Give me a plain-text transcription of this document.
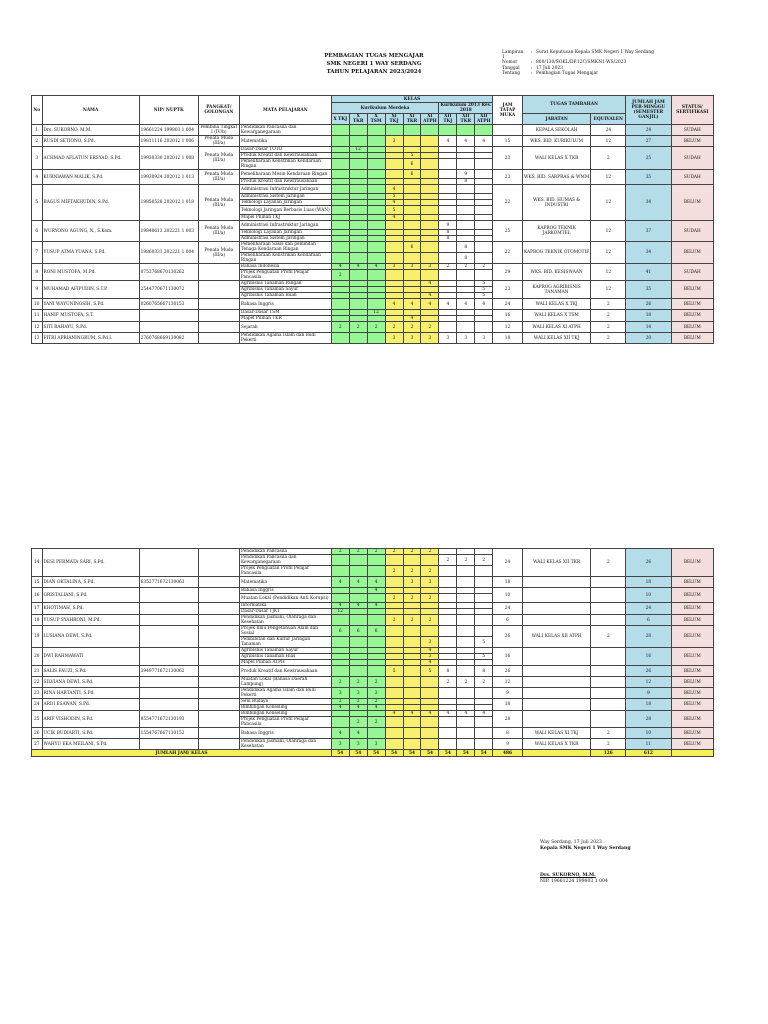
PEMBAGIAN TUGAS MENGAJAR
SMK NEGERI 1 WAY SERDANG
TAHUN PELAJARAN 2023/2024
Lampiran 1
: Surat Keputusan Kepala SMK Negeri 1 Way Serdang
Nomor	: 800/130/SOKL/DP.12C/SMKN1-WS/2023
Tanggal	: 17 Juli 2023
Tentang	: Pembagian Tugas Mengajar
No	NAMA	NIP/ NUPTK	PANGKAT/ GOLONGAN	MATA PELAJARAN	KELAS									JAM TATAP MUKA	TUGAS TAMBAHAN		JUMLAH JAM PER-MINGGU (SEMESTER GANJIL)	STATUS/ SERTIFIKASI
					Kurikulum Merdeka						Kurikulum 2013 Rev. 2018							
					X TKJ	X TKR	X TSM	XI TKJ	XI TKR	XI ATPH	XII TKJ	XII TKR	XII ATPH		JABATAN	EQUIVALEN		
1	Drs. SUKORNO, M.M.	19661224 199803 1 004	Pembina Tingkat I (IV/b)	Pendidikan Pancasila dan Kewarganegaraan											KEPALA SEKOLAH	24	24	SUDAH
2	RUSDI SETIONO, S.Pd.	19811116 202012 1 006	Penata Muda (III/a)	Matematika				3			4	4	4	15	WKS. BID. KURIKULUM	12	27	BELUM
3	ACHMAD AFLATUN ERSYAD, S.Pd.	19930330 202012 1 008	Penata Muda (III/a)	Dasar-Dasar TOTO		12								23	WALI KELAS X TKR	2	25	SUDAH
				Produk Kreatif dan Kewirausahaan					5									
				Pemeliharaan Kelistrikan Kendaraan Ringan					6									
4	KURNIAWAN MALIK, S.Pd.	19930924 202012 1 013	Penata Muda (III/a)	Pemeliharaan Mesin Kendaraan Ringan					6			9		23	WKS. BID. SARPRAS & WMM	12	35	SUDAH
				Produk Kreatif dan Kewirausahaan								8						
5	BAGUS MIFTAKHUDIN, S.Pd.	19850528 202012 1 018	Penata Muda (III/a)	Administrasi Infrastruktur Jaringan				4						22	WKS. BID. HUMAS & INDUSTRI	12	34	BELUM
				Administrasi Sistem Jaringan				5										
				Teknologi Layanan Jaringan				4										
				Teknologi Jaringan Berbasis Luas (WAN)				5										
				Mapel Pilihan TKJ				4										
6	WURYONO AGUNG, N., S.Kom.	19840613 202221 1 003	Penata Muda (III/a)	Administrasi Infrastruktur Jaringan							9			25	KAPROG TEKNIK JARKOMTEL	12	37	SUDAH
				Teknologi Layanan Jaringan							8							
				Administrasi Sistem Jaringan							8							
7	YUSUP ATMA YUANA, S.Pd.	19860331 202221 1 004	Penata Muda (III/a)	Pemeliharaan Sasis dan pemindah Tenaga Kendaraan Ringan					6			8		22	KAPROG TEKNIK OTOMOTIF	12	34	BELUM
				Pemeliharaan Kelistrikan Kendaraan Ringan								8						
8	RONI MUSTOFA, M.Pd.	0753768670130262		Bahasa Indonesia	4	4	4	3	3	3	2	2	2	29	WKS. BID. KESISWAAN	12	41	SUDAH
				Projek Penguatan Profil Pelajar Pancasila	2													
9	MUHAMAD AFIPUDIN, S.T.P.	2544770671130072		Agribisnis Tanaman Pangan						4			5	23	KAPROG AGRIBISNIS TANAMAN	12	35	BELUM
				Agribisnis Tanaman Sayur									5					
				Agribisnis Tanaman Buah						4			5					
10	YANI WAYUNINGSIH, S.Pd.	0260765667130153		Bahasa Inggris				4	4	4	4	4	4	24	WALI KELAS X TKJ	2	26	BELUM
11	HANIF MUSTOFA, S.T.			Dasar-Dasar TSM			12							16	WALI KELAS X TSM	2	18	BELUM
				Mapel Pilihan TKR					4									
12	SITI RAHAYU, S.Pd.			Sejarah	2	2	2	2	2	2				12	WALI KELAS XI ATPH	2	14	BELUM
13	FITRI APRIANINGRUM, S.Pd.I.	2760768669130082		Pendidikan Agama Islam dan Budi Pekerti				3	3	3	3	3	3	18	WALI KELAS XII TKJ	2	20	BELUM
14	DESI PERMATA SARI, S.Pd.			Pendidikan Pancasila	2	2	2	2	2	2				24	WALI KELAS XII TKR	2	26	BELUM
				Pendidikan Pancasila dan Kewarganegaraan							2	2	2					
				Projek Penguatan Profil Pelajar Pancasila				2	2	2								
15	DIAN OKTALINA, S.Pd.	6352771672130063		Matematika	4	4	4		3	3				18			18	BELUM
16	GRISTALIANI, S.Pd.			Bahasa Inggris			4							10			10	BELUM
				Muatan Lokal (Pendidikan Anti Korupsi)				2	2	2								
17	KHOTIMAH, S.Pd.			Informatika	4	4	4							24			24	BELUM
				Dasar-Dasar TJKT	12													
18	YUSUP SYAHRONI, M.Pd.			Pendidikan Jasmani, Olahraga dan Kesehatan				2	2	2				6			6	BELUM
19	LUSIANA DEWI, S.Pd.			Projek Ilmu Pengetahuan Alam dan Sosial	6	6	6							26	WALI KELAS XII ATPH	2	28	BELUM
				Pembibitan dan Kultur Jaringan Tanaman						3			5					
20	DWI RAHMAWATI			Agribisnis Tanaman Sayur						4				16			16	BELUM
				Agribisnis Tanaman Hias						3			5					
				Mapel Pilihan ATPH						4								
21	SALIS FAUZI, S.Pd.	3949771672130062		Produk Kreatif dan Kewirausahaan				5		5	8		8	26			26	BELUM
22	SILVIANA DEWI, S.Pd.			Muatan Lokal (Bahasa Daerah Lampung)	2	2	2				2	2	2	12			12	BELUM
23	RINA HARTANTI, S.Pd.			Pendidikan Agama Islam dan Budi Pekerti	3	3	3							9			9	BELUM
24	ARDI ESAWAN, S.Pd.			Seni Budaya	2	2	2							18			18	BELUM
				Bimbingan Konseling	4	4	4											
25	ARIF VISHODIN, S.Pd.	9554771672130193		Bimbingan Konseling				4	4	4	4	4	4	28			28	BELUM
				Projek Penguatan Profil Pelajar Pancasila		2	2											
26	UCIK BUDIARTI, S.Pd.	1554767667130152		Bahasa Inggris	4	4								8	WALI KELAS XI TKJ	2	10	BELUM
27	WAHYU EKA MEILANI, S.Pd.			Pendidikan Jasmani, Olahraga dan Kesehatan	3	3	3							9	WALI KELAS X TKR	2	11	BELUM
JUMLAH JAM/ KELAS					54	54	54	54	54	54	54	54	54	486		126	612	
Way Serdang, 17 Juli 2023
Kepala SMK Negeri 1 Way Serdang
Drs. SUKORNO, M.M.
NIP. 19661224 199803 1 004
